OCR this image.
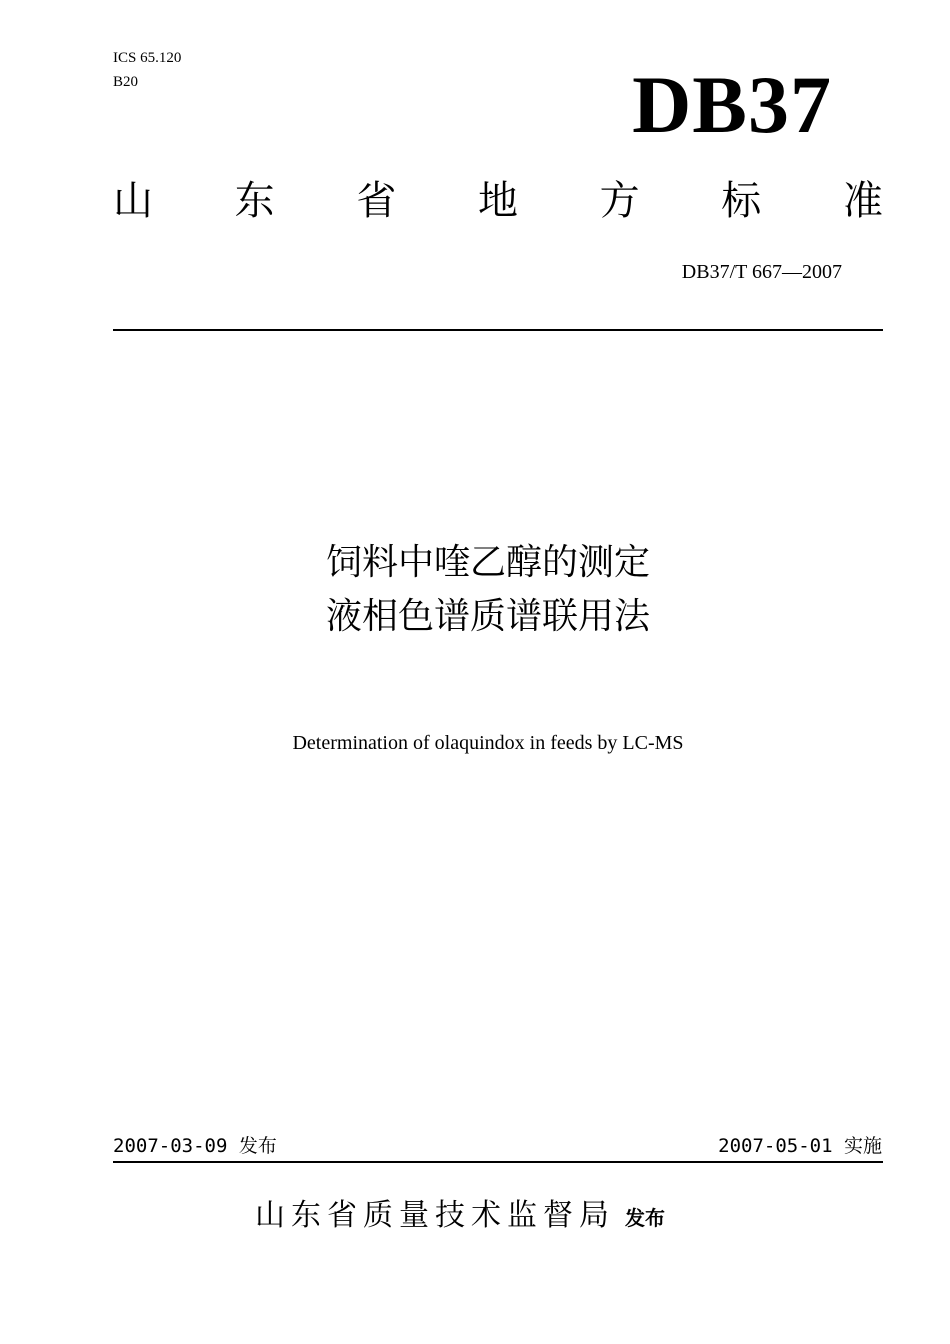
ICS 65.120
B20	DB37
山 东 省 地 方 标 准
DB37/T 667—2007
饲料中喹乙醇的测定
液相色谱质谱联用法
Determination of olaquindox in feeds by LC-MS
2007-03-09 发布	2007-05-01 实施
山东省质量技术监督局 发布
